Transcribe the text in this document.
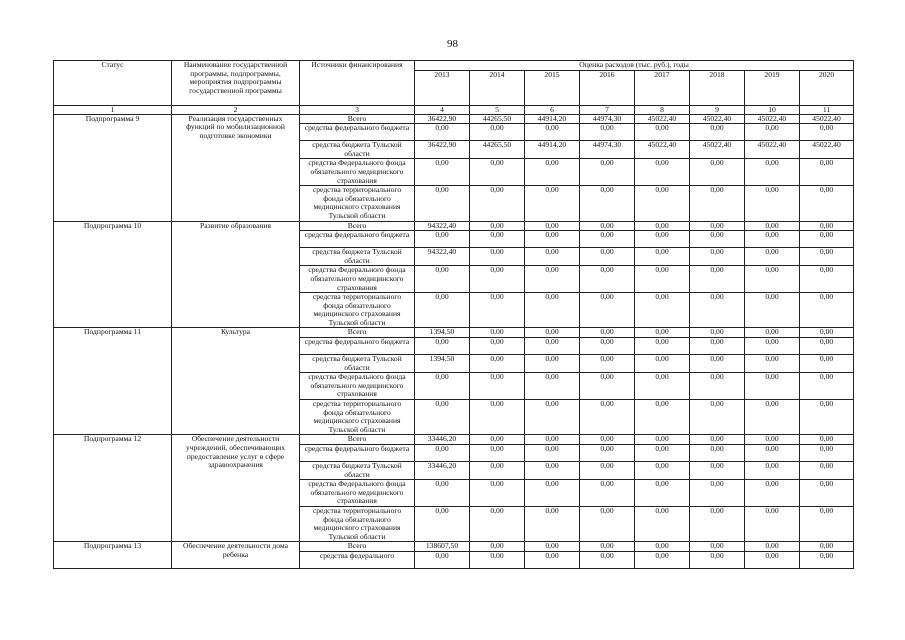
98
Статус	Наименование государственной программы, подпрограммы, мероприятия подпрограммы государственной программы	Источники финансирования	Оценка расходов (тыс. руб.), годы							
			2013	2014	2015	2016	2017	2018	2019	2020
1	2	3	4	5	6	7	8	9	10	11
Подпрограмма 9	Реализация государственных функций по мобилизационной подготовке экономики	Всего	36422,90	44265,50	44914,20	44974,30	45022,40	45022,40	45022,40	45022,40
		средства федерального бюджета	0,00	0,00	0,00	0,00	0,00	0,00	0,00	0,00
		средства бюджета Тульской области	36422,90	44265,50	44914,20	44974,30	45022,40	45022,40	45022,40	45022,40
		средства Федерального фонда обязательного медицинского страхования	0,00	0,00	0,00	0,00	0,00	0,00	0,00	0,00
		средства территориального фонда обязательного медицинского страхования Тульской области	0,00	0,00	0,00	0,00	0,00	0,00	0,00	0,00
Подпрограмма 10	Развитие образования	Всего	94322,40	0,00	0,00	0,00	0,00	0,00	0,00	0,00
		средства федерального бюджета	0,00	0,00	0,00	0,00	0,00	0,00	0,00	0,00
		средства бюджета Тульской области	94322,40	0,00	0,00	0,00	0,00	0,00	0,00	0,00
		средства Федерального фонда обязательного медицинского страхования	0,00	0,00	0,00	0,00	0,00	0,00	0,00	0,00
		средства территориального фонда обязательного медицинского страхования Тульской области	0,00	0,00	0,00	0,00	0,00	0,00	0,00	0,00
Подпрограмма 11	Культура	Всего	1394,50	0,00	0,00	0,00	0,00	0,00	0,00	0,00
		средства федерального бюджета	0,00	0,00	0,00	0,00	0,00	0,00	0,00	0,00
		средства бюджета Тульской области	1394,50	0,00	0,00	0,00	0,00	0,00	0,00	0,00
		средства Федерального фонда обязательного медицинского страхования	0,00	0,00	0,00	0,00	0,00	0,00	0,00	0,00
		средства территориального фонда обязательного медицинского страхования Тульской области	0,00	0,00	0,00	0,00	0,00	0,00	0,00	0,00
Подпрограмма 12	Обеспечение деятельности учреждений, обеспечивающих предоставление услуг в сфере здравоохранения	Всего	33446,20	0,00	0,00	0,00	0,00	0,00	0,00	0,00
		средства федерального бюджета	0,00	0,00	0,00	0,00	0,00	0,00	0,00	0,00
		средства бюджета Тульской области	33446,20	0,00	0,00	0,00	0,00	0,00	0,00	0,00
		средства Федерального фонда обязательного медицинского страхования	0,00	0,00	0,00	0,00	0,00	0,00	0,00	0,00
		средства территориального фонда обязательного медицинского страхования Тульской области	0,00	0,00	0,00	0,00	0,00	0,00	0,00	0,00
Подпрограмма 13	Обеспечение деятельности дома ребенка	Всего	138607,50	0,00	0,00	0,00	0,00	0,00	0,00	0,00
		средства федерального	0,00	0,00	0,00	0,00	0,00	0,00	0,00	0,00
